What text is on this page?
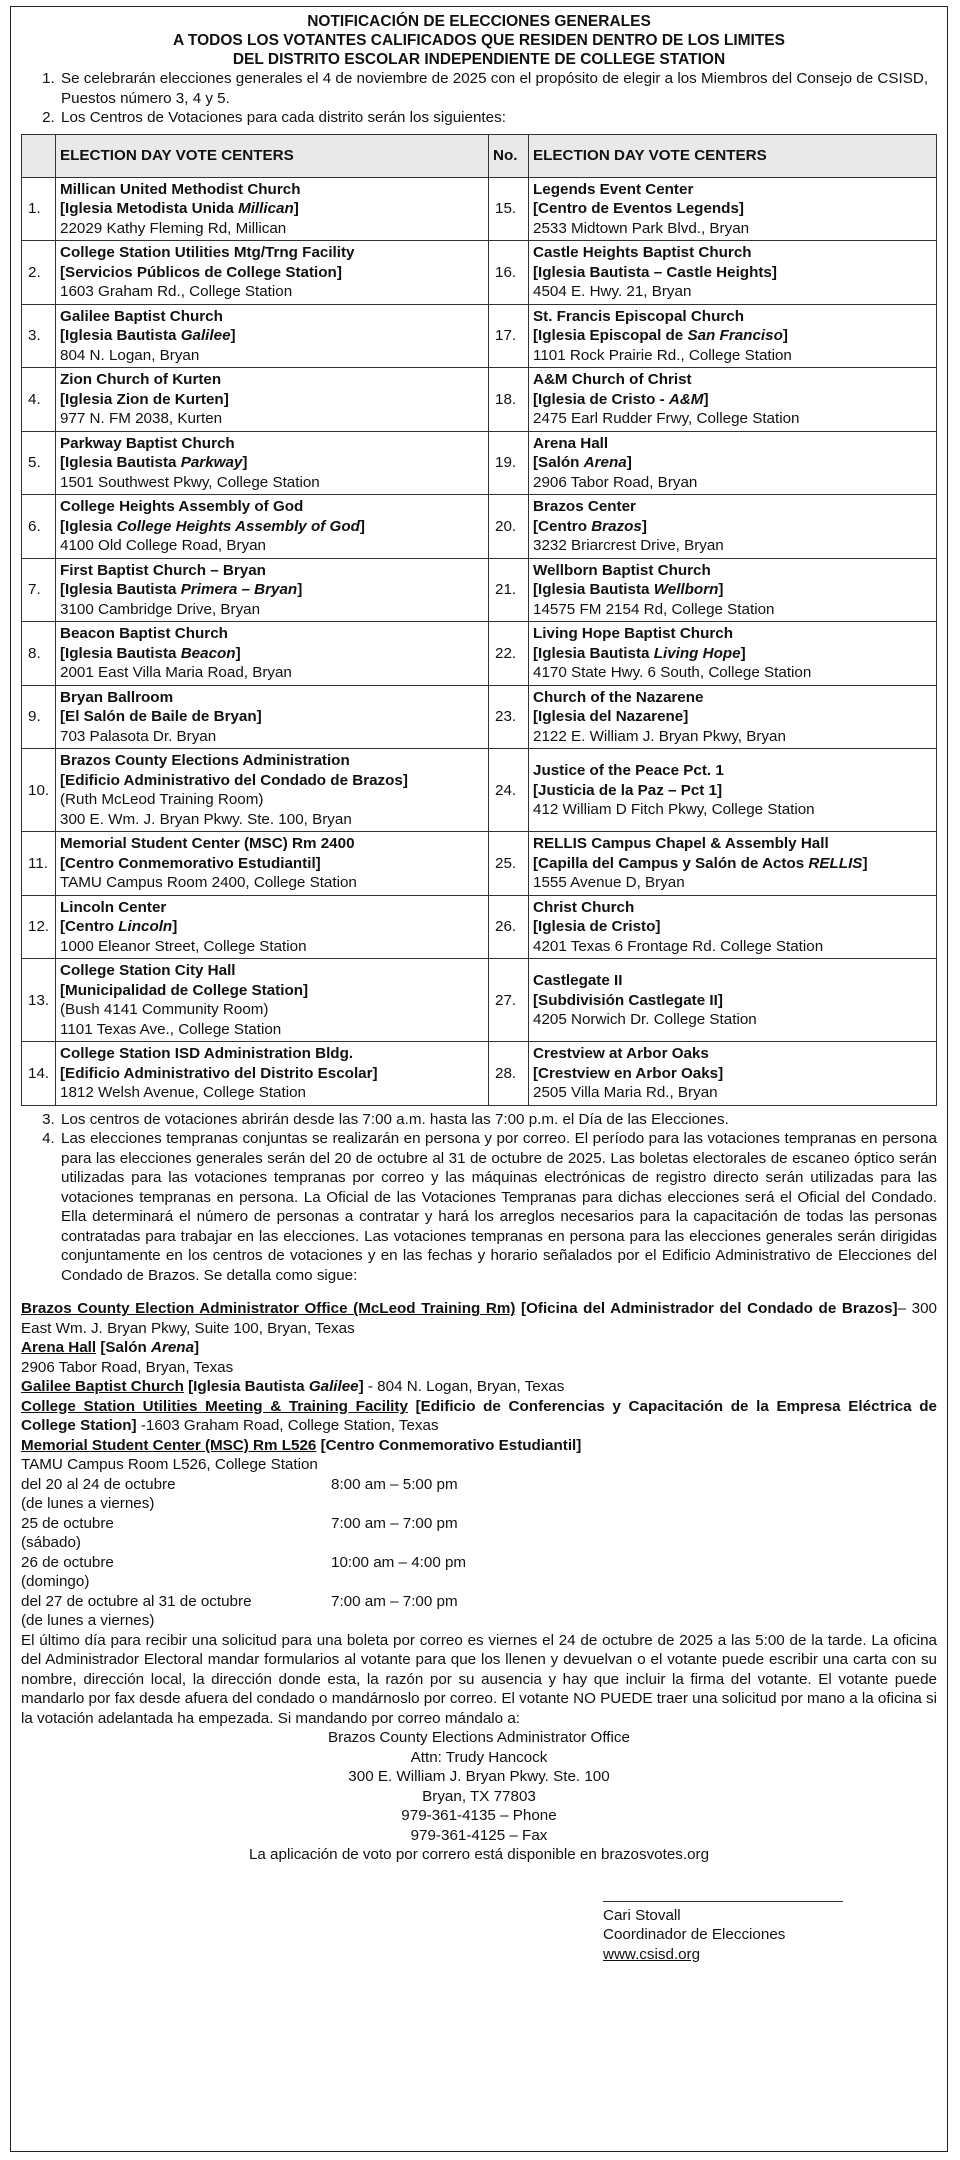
NOTIFICACIÓN DE ELECCIONES GENERALES
A TODOS LOS VOTANTES CALIFICADOS QUE RESIDEN DENTRO DE LOS LIMITES
DEL DISTRITO ESCOLAR INDEPENDIENTE DE COLLEGE STATION
1. Se celebrarán elecciones generales el 4 de noviembre de 2025 con el propósito de elegir a los Miembros del Consejo de CSISD, Puestos número 3, 4 y 5.
2. Los Centros de Votaciones para cada distrito serán los siguientes:
	ELECTION DAY VOTE CENTERS	No.	ELECTION DAY VOTE CENTERS
1.	Millican United Methodist Church
[Iglesia Metodista Unida Millican]
22029 Kathy Fleming Rd, Millican	15.	Legends Event Center
[Centro de Eventos Legends]
2533 Midtown Park Blvd., Bryan

2.	College Station Utilities Mtg/Trng Facility
[Servicios Públicos de College Station]
1603 Graham Rd., College Station	16.	Castle Heights Baptist Church
[Iglesia Bautista – Castle Heights]
4504 E. Hwy. 21, Bryan

3.	Galilee Baptist Church
[Iglesia Bautista Galilee]
804 N. Logan, Bryan	17.	St. Francis Episcopal Church
[Iglesia Episcopal de San Franciso]
1101 Rock Prairie Rd., College Station

4.	Zion Church of Kurten
[Iglesia Zion de Kurten]
977 N. FM 2038, Kurten	18.	A&M Church of Christ
[Iglesia de Cristo - A&M]
2475 Earl Rudder Frwy, College Station

5.	Parkway Baptist Church
[Iglesia Bautista Parkway]
1501 Southwest Pkwy, College Station	19.	Arena Hall
[Salón Arena]
2906 Tabor Road, Bryan

6.	College Heights Assembly of God
[Iglesia College Heights Assembly of God]
4100 Old College Road, Bryan	20.	Brazos Center
[Centro Brazos]
3232 Briarcrest Drive, Bryan

7.	First Baptist Church – Bryan
[Iglesia Bautista Primera – Bryan]
3100 Cambridge Drive, Bryan	21.	Wellborn Baptist Church
[Iglesia Bautista Wellborn]
14575 FM 2154 Rd, College Station

8.	Beacon Baptist Church
[Iglesia Bautista Beacon]
2001 East Villa Maria Road, Bryan	22.	Living Hope Baptist Church
[Iglesia Bautista Living Hope]
4170 State Hwy. 6 South, College Station

9.	Bryan Ballroom
[El Salón de Baile de Bryan]
703 Palasota Dr. Bryan	23.	Church of the Nazarene
[Iglesia del Nazarene]
2122 E. William J. Bryan Pkwy, Bryan

10.	Brazos County Elections Administration
[Edificio Administrativo del Condado de Brazos]
(Ruth McLeod Training Room)
300 E. Wm. J. Bryan Pkwy. Ste. 100, Bryan	24.	Justice of the Peace Pct. 1
[Justicia de la Paz – Pct 1]
412 William D Fitch Pkwy, College Station

11.	Memorial Student Center (MSC) Rm 2400
[Centro Conmemorativo Estudiantil]
TAMU Campus Room 2400, College Station	25.	RELLIS Campus Chapel & Assembly Hall
[Capilla del Campus y Salón de Actos RELLIS]
1555 Avenue D, Bryan

12.	Lincoln Center
[Centro Lincoln]
1000 Eleanor Street, College Station	26.	Christ Church
[Iglesia de Cristo]
4201 Texas 6 Frontage Rd. College Station

13.	College Station City Hall
[Municipalidad de College Station]
(Bush 4141 Community Room)
1101 Texas Ave., College Station	27.	Castlegate II
[Subdivisión Castlegate II]
4205 Norwich Dr. College Station

14.	College Station ISD Administration Bldg.
[Edificio Administrativo del Distrito Escolar]
1812 Welsh Avenue, College Station	28.	Crestview at Arbor Oaks
[Crestview en Arbor Oaks]
2505 Villa Maria Rd., Bryan
3. Los centros de votaciones abrirán desde las 7:00 a.m. hasta las 7:00 p.m. el Día de las Elecciones.
4. Las elecciones tempranas conjuntas se realizarán en persona y por correo. El período para las votaciones tempranas en persona para las elecciones generales serán del 20 de octubre al 31 de octubre de 2025. Las boletas electorales de escaneo óptico serán utilizadas para las votaciones tempranas por correo y las máquinas electrónicas de registro directo serán utilizadas para las votaciones tempranas en persona. La Oficial de las Votaciones Tempranas para dichas elecciones será el Oficial del Condado. Ella determinará el número de personas a contratar y hará los arreglos necesarios para la capacitación de todas las personas contratadas para trabajar en las elecciones. Las votaciones tempranas en persona para las elecciones generales serán dirigidas conjuntamente en los centros de votaciones y en las fechas y horario señalados por el Edificio Administrativo de Elecciones del Condado de Brazos. Se detalla como sigue:
Brazos County Election Administrator Office (McLeod Training Rm) [Oficina del Administrador del Condado de Brazos]– 300 East Wm. J. Bryan Pkwy, Suite 100, Bryan, Texas
Arena Hall [Salón Arena]
2906 Tabor Road, Bryan, Texas
Galilee Baptist Church [Iglesia Bautista Galilee] - 804 N. Logan, Bryan, Texas
College Station Utilities Meeting & Training Facility [Edificio de Conferencias y Capacitación de la Empresa Eléctrica de College Station] -1603 Graham Road, College Station, Texas
Memorial Student Center (MSC) Rm L526 [Centro Conmemorativo Estudiantil]
TAMU Campus Room L526, College Station
del 20 al 24 de octubre	8:00 am – 5:00 pm
(de lunes a viernes)
25 de octubre	7:00 am – 7:00 pm
(sábado)
26 de octubre	10:00 am – 4:00 pm
(domingo)
del 27 de octubre al 31 de octubre	7:00 am – 7:00 pm
(de lunes a viernes)

El último día para recibir una solicitud para una boleta por correo es viernes el 24 de octubre de 2025 a las 5:00 de la tarde. La oficina del Administrador Electoral mandar formularios al votante para que los llenen y devuelvan o el votante puede escribir una carta con su nombre, dirección local, la dirección donde esta, la razón por su ausencia y hay que incluir la firma del votante. El votante puede mandarlo por fax desde afuera del condado o mandárnoslo por correo. El votante NO PUEDE traer una solicitud por mano a la oficina si la votación adelantada ha empezada. Si mandando por correo mándalo a:

Brazos County Elections Administrator Office
Attn: Trudy Hancock
300 E. William J. Bryan Pkwy. Ste. 100
Bryan, TX 77803
979-361-4135 – Phone
979-361-4125 – Fax
La aplicación de voto por correro está disponible en brazosvotes.org
Cari Stovall
Coordinador de Elecciones
www.csisd.org
